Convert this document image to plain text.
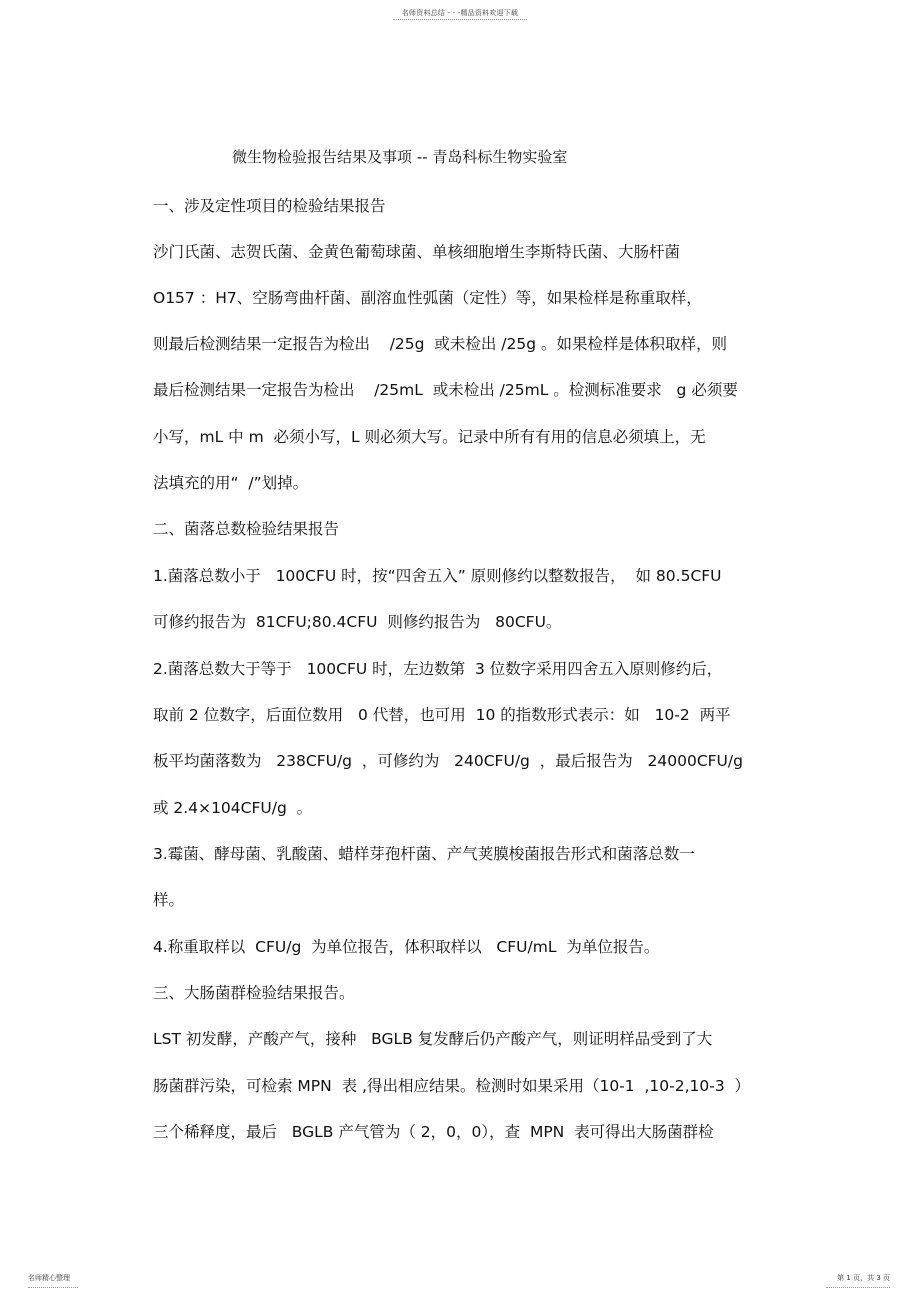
名师资料总结 - - -精品资料欢迎下载
微生物检验报告结果及事项 -- 青岛科标生物实验室
一、涉及定性项目的检验结果报告
沙门氏菌、志贺氏菌、金黄色葡萄球菌、单核细胞增生李斯特氏菌、大肠杆菌
O157 ：H7、空肠弯曲杆菌、副溶血性弧菌（定性）等，如果检样是称重取样，
则最后检测结果一定报告为检出    /25g  或未检出 /25g 。如果检样是体积取样，则
最后检测结果一定报告为检出    /25mL  或未检出 /25mL 。检测标准要求   g 必须要
小写，mL 中 m  必须小写，L 则必须大写。记录中所有有用的信息必须填上，无
法填充的用“  /”划掉。
二、菌落总数检验结果报告
1.菌落总数小于   100CFU 时，按“四舍五入” 原则修约以整数报告，  如 80.5CFU
可修约报告为  81CFU;80.4CFU  则修约报告为   80CFU。
2.菌落总数大于等于   100CFU 时，左边数第  3 位数字采用四舍五入原则修约后，
取前 2 位数字，后面位数用   0 代替，也可用  10 的指数形式表示：如   10-2  两平
板平均菌落数为   238CFU/g  ，可修约为   240CFU/g  ，最后报告为   24000CFU/g
或 2.4×104CFU/g  。
3.霉菌、酵母菌、乳酸菌、蜡样芽孢杆菌、产气荚膜梭菌报告形式和菌落总数一
样。
4.称重取样以  CFU/g  为单位报告，体积取样以   CFU/mL  为单位报告。
三、大肠菌群检验结果报告。
LST 初发酵，产酸产气，接种   BGLB 复发酵后仍产酸产气，则证明样品受到了大
肠菌群污染，可检索 MPN  表 ,得出相应结果。检测时如果采用（10-1  ,10-2,10-3  ）
三个稀释度，最后   BGLB 产气管为（ 2，0，0），查  MPN  表可得出大肠菌群检
名师精心整理	第 1 页，共 3 页
